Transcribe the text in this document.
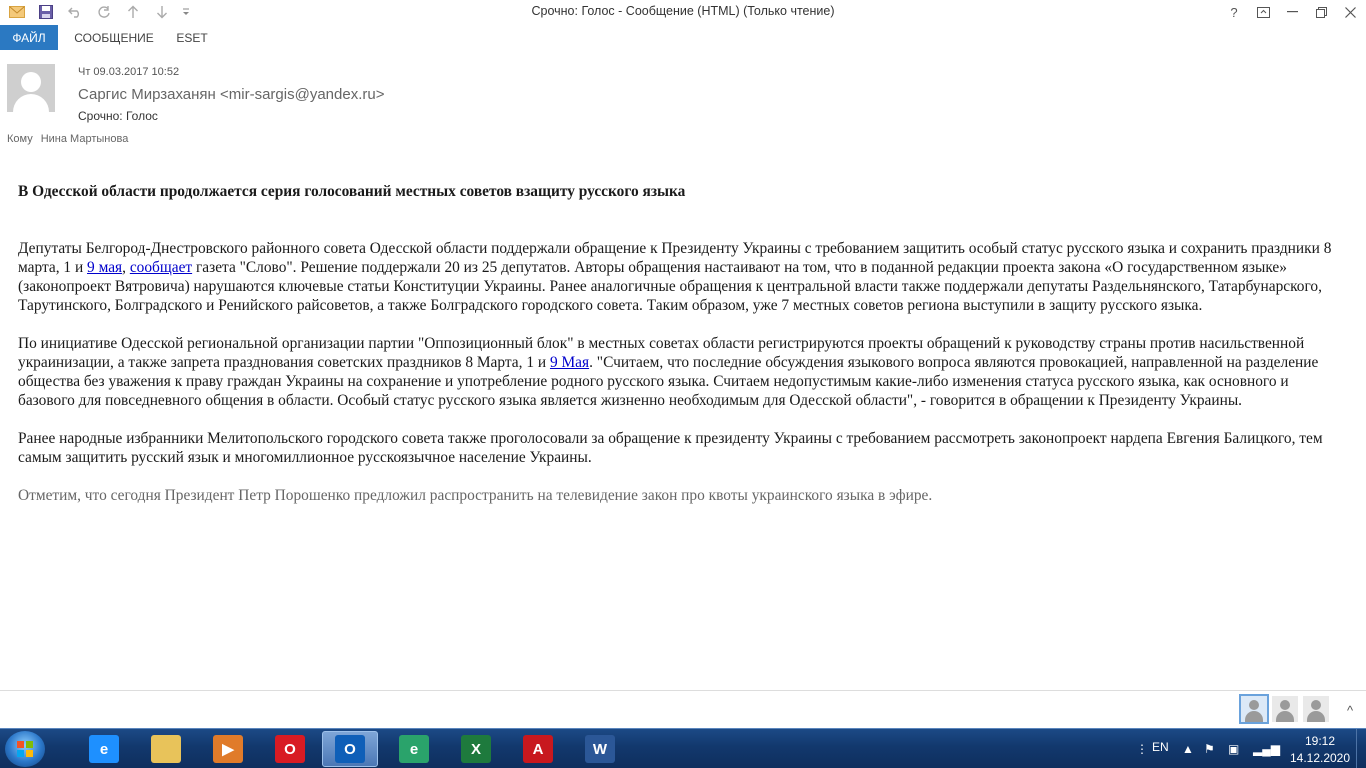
Срочно: Голос - Сообщение (HTML) (Только чтение)	?
ФАЙЛ	СООБЩЕНИЕ	ESET
Чт 09.03.2017 10:52
Саргис Мирзаханян <mir-sargis@yandex.ru>
Срочно: Голос
Кому Нина Мартынова
В Одесской области продолжается серия голосований местных советов взащиту русского языка

Депутаты Белгород-Днестровского районного совета Одесской области поддержали обращение к Президенту Украины с требованием защитить особый статус русского языка и сохранить праздники 8 марта, 1 и 9 мая, сообщает газета "Слово". Решение поддержали 20 из 25 депутатов. Авторы обращения настаивают на том, что в поданной редакции проекта закона «О государственном языке» (законопроект Вятровича) нарушаются ключевые статьи Конституции Украины. Ранее аналогичные обращения к центральной власти также поддержали депутаты Раздельнянского, Татарбунарского, Тарутинского, Болградского и Ренийского райсоветов, а также Болградского городского совета. Таким образом, уже 7 местных советов региона выступили в защиту русского языка.

По инициативе Одесской региональной организации партии "Оппозиционный блок" в местных советах области регистрируются проекты обращений к руководству страны против насильственной украинизации, а также запрета празднования советских праздников 8 Марта, 1 и 9 Мая. "Считаем, что последние обсуждения языкового вопроса являются провокацией, направленной на разделение общества без уважения к праву граждан Украины на сохранение и употребление родного русского языка. Считаем недопустимым какие-либо изменения статуса русского языка, как основного и базового для повседневного общения в области. Особый статус русского языка является жизненно необходимым для Одесской области", - говорится в обращении к Президенту Украины.

Ранее народные избранники Мелитопольского городского совета также проголосовали за обращение к президенту Украины с требованием рассмотреть законопроект нардепа Евгения Балицкого, тем самым защитить русский язык и многомиллионное русскоязычное население Украины.

Отметим, что сегодня Президент Петр Порошенко предложил распространить на телевидение закон про квоты украинского языка в эфире.

^
e	▶	O	O	e	X	A	W	⋮ EN ▲ ⚑ ▣ ▂▄▆
19:12
14.12.2020
